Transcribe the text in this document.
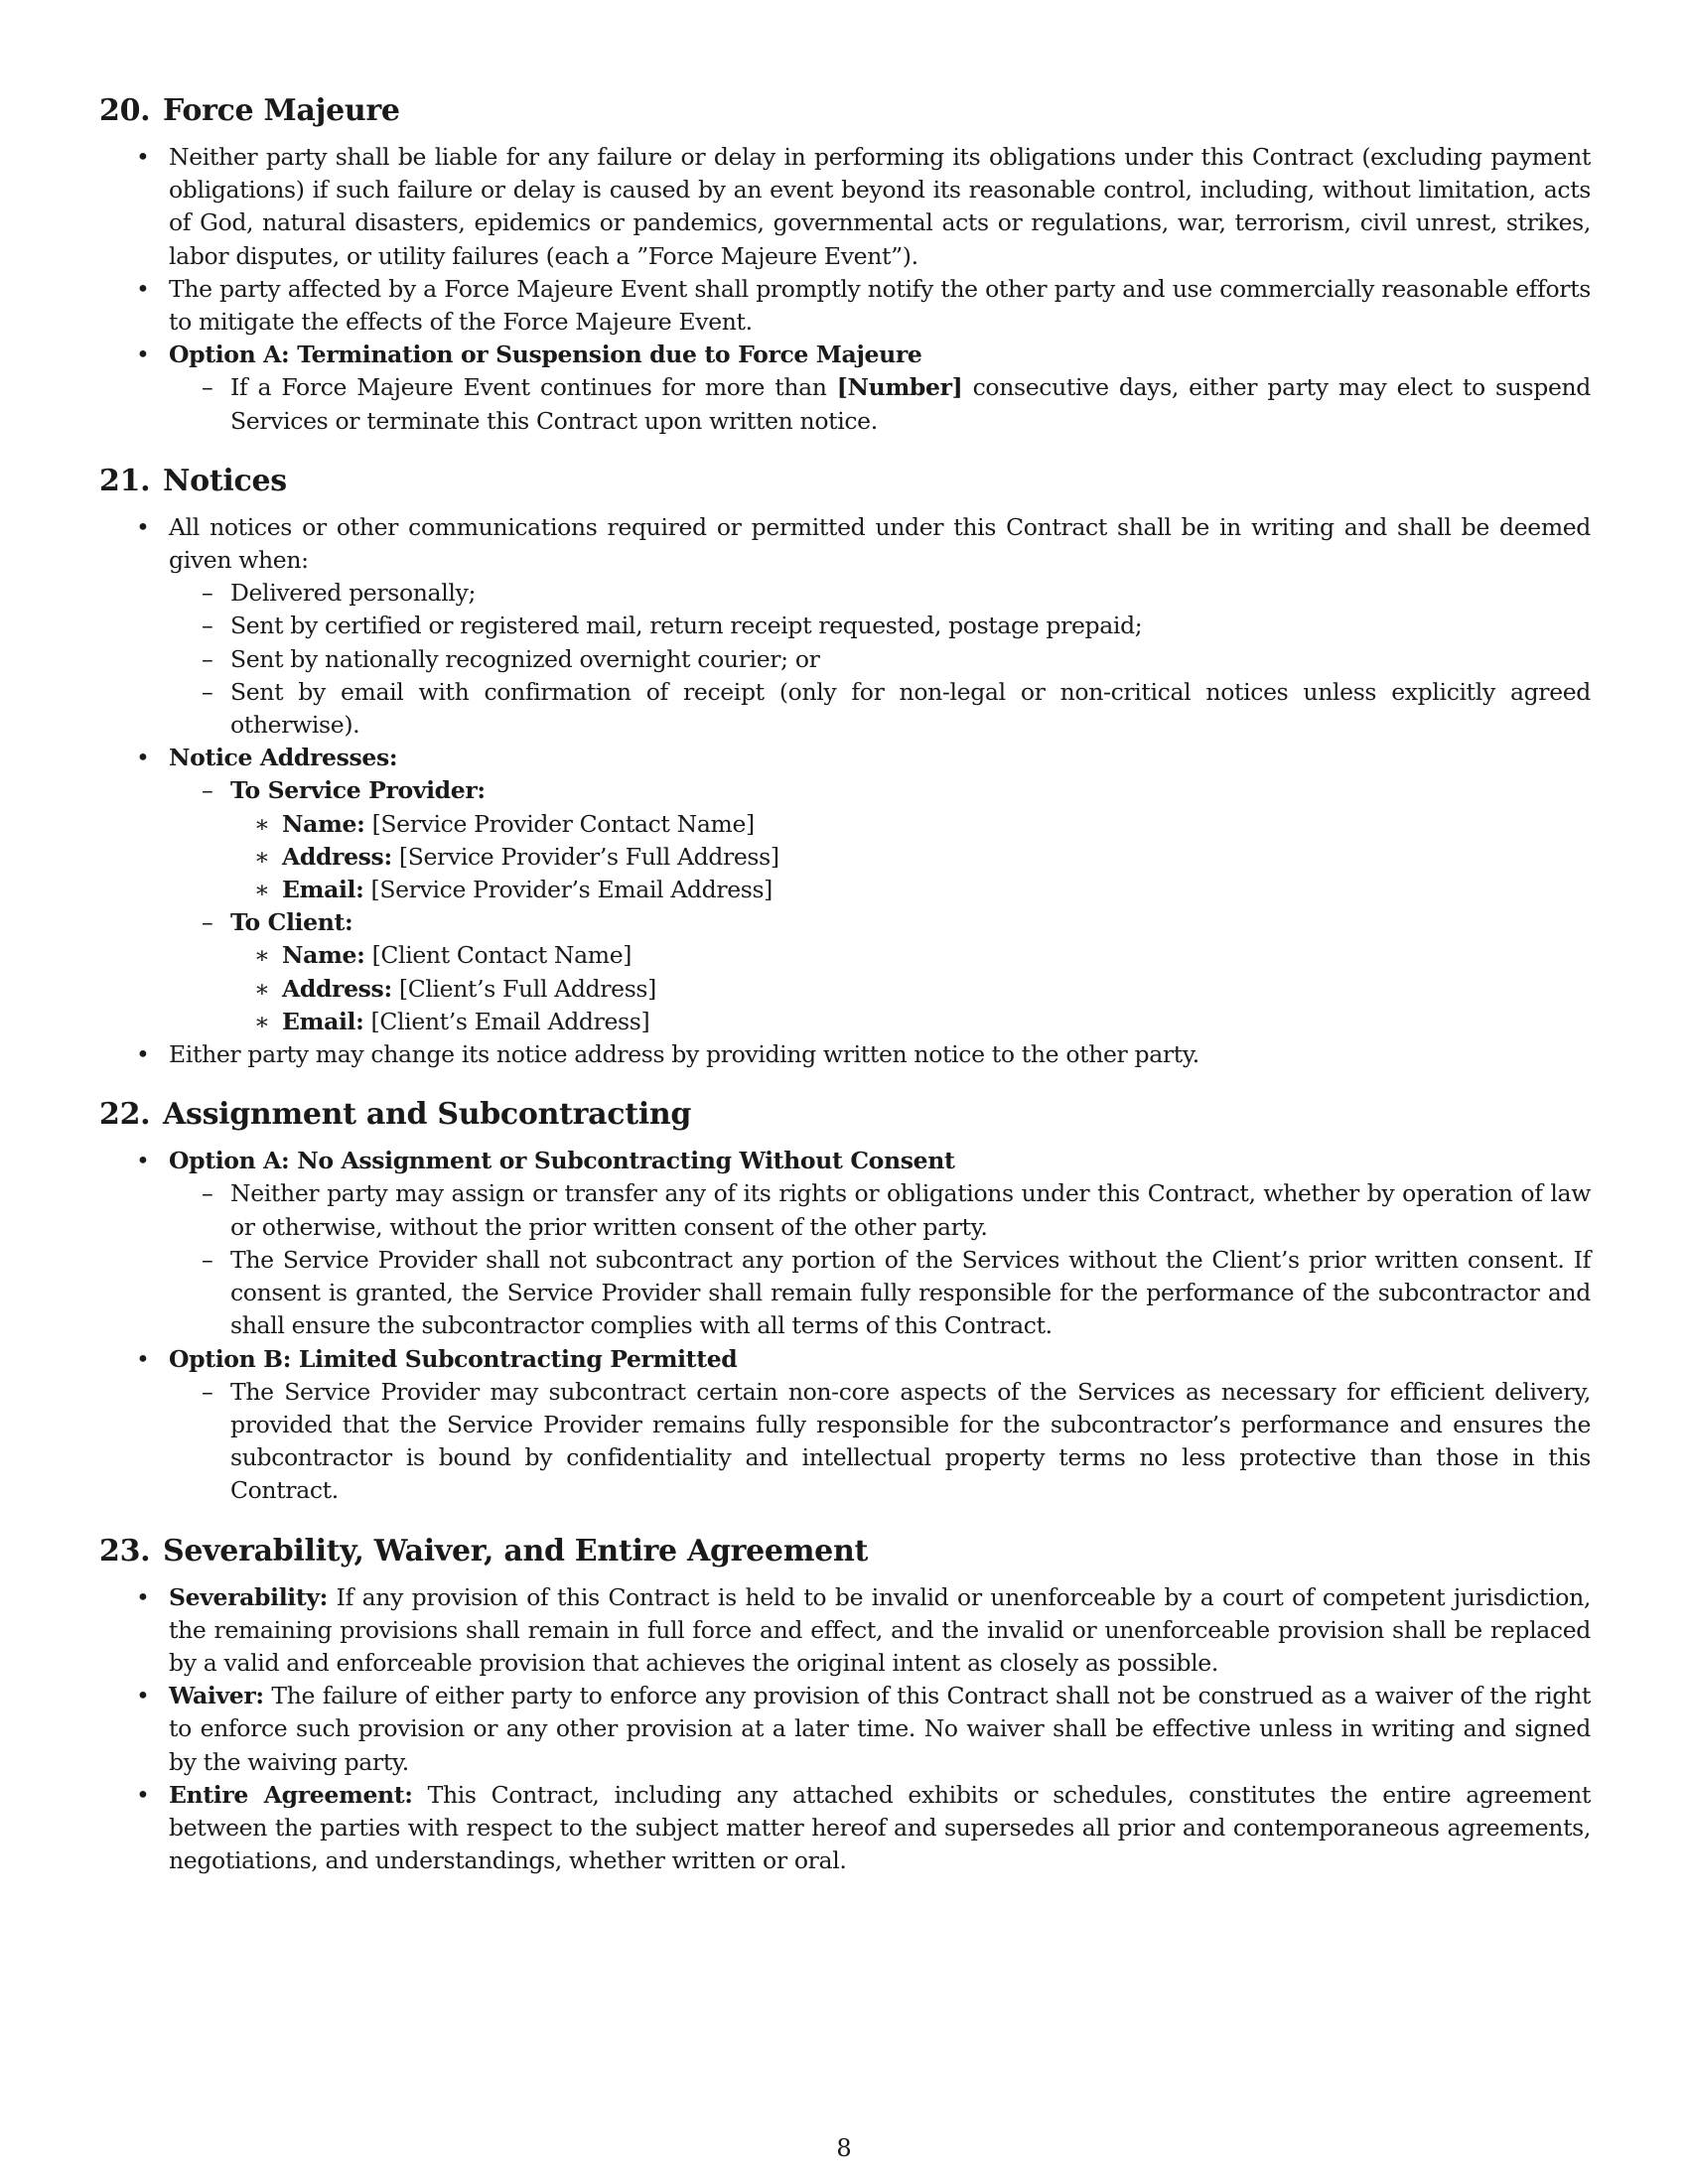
20. Force Majeure
• Neither party shall be liable for any failure or delay in performing its obligations under this Contract (excluding payment obligations) if such failure or delay is caused by an event beyond its reasonable control, including, without limitation, acts of God, natural disasters, epidemics or pandemics, governmental acts or regulations, war, terrorism, civil unrest, strikes, labor disputes, or utility failures (each a ”Force Majeure Event”).
• The party affected by a Force Majeure Event shall promptly notify the other party and use commercially reasonable efforts to mitigate the effects of the Force Majeure Event.
• Option A: Termination or Suspension due to Force Majeure
– If a Force Majeure Event continues for more than [Number] consecutive days, either party may elect to suspend Services or terminate this Contract upon written notice.
21. Notices
• All notices or other communications required or permitted under this Contract shall be in writing and shall be deemed given when:
– Delivered personally;
– Sent by certified or registered mail, return receipt requested, postage prepaid;
– Sent by nationally recognized overnight courier; or
– Sent by email with confirmation of receipt (only for non-legal or non-critical notices unless explicitly agreed otherwise).
• Notice Addresses:
– To Service Provider:
∗ Name: [Service Provider Contact Name]
∗ Address: [Service Provider’s Full Address]
∗ Email: [Service Provider’s Email Address]
– To Client:
∗ Name: [Client Contact Name]
∗ Address: [Client’s Full Address]
∗ Email: [Client’s Email Address]
• Either party may change its notice address by providing written notice to the other party.
22. Assignment and Subcontracting
• Option A: No Assignment or Subcontracting Without Consent
– Neither party may assign or transfer any of its rights or obligations under this Contract, whether by operation of law or otherwise, without the prior written consent of the other party.
– The Service Provider shall not subcontract any portion of the Services without the Client’s prior written consent. If consent is granted, the Service Provider shall remain fully responsible for the performance of the subcontractor and shall ensure the subcontractor complies with all terms of this Contract.
• Option B: Limited Subcontracting Permitted
– The Service Provider may subcontract certain non-core aspects of the Services as necessary for efficient delivery, provided that the Service Provider remains fully responsible for the subcontractor’s performance and ensures the subcontractor is bound by confidentiality and intellectual property terms no less protective than those in this Contract.
23. Severability, Waiver, and Entire Agreement
• Severability: If any provision of this Contract is held to be invalid or unenforceable by a court of competent jurisdiction, the remaining provisions shall remain in full force and effect, and the invalid or unenforceable provision shall be replaced by a valid and enforceable provision that achieves the original intent as closely as possible.
• Waiver: The failure of either party to enforce any provision of this Contract shall not be construed as a waiver of the right to enforce such provision or any other provision at a later time. No waiver shall be effective unless in writing and signed by the waiving party.
• Entire Agreement: This Contract, including any attached exhibits or schedules, constitutes the entire agreement between the parties with respect to the subject matter hereof and supersedes all prior and contemporaneous agreements, negotiations, and understandings, whether written or oral.
8
